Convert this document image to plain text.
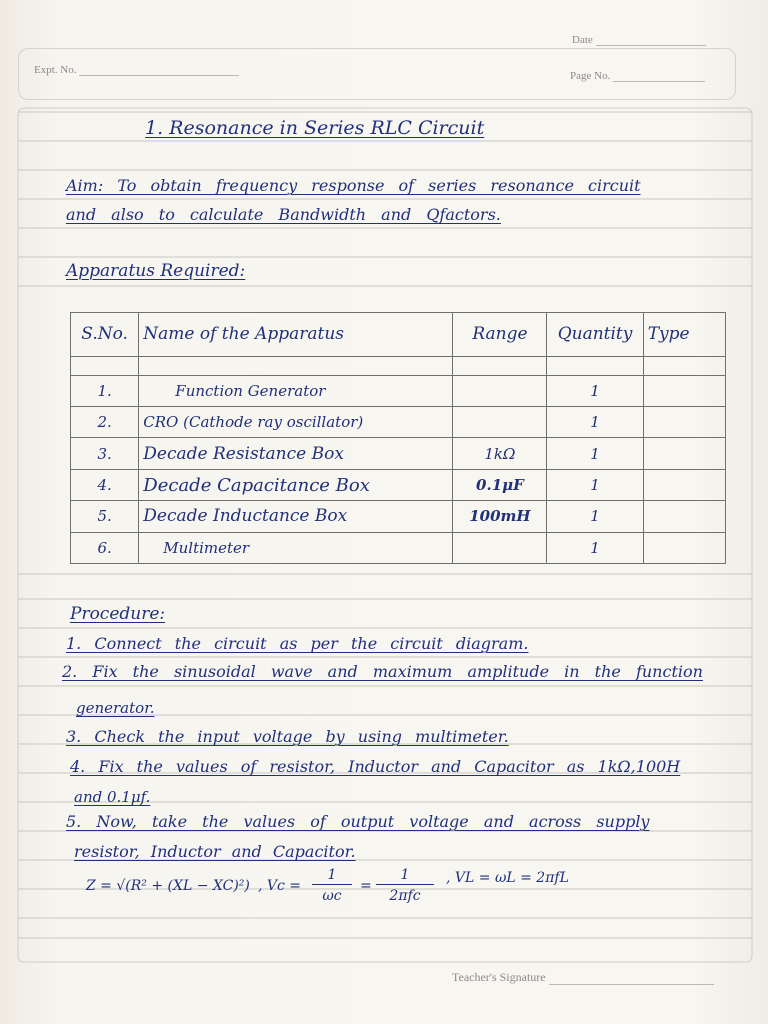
Date
Expt. No.	Page No.
1. Resonance in Series RLC Circuit
Aim: To obtain frequency response of series resonance circuit
and also to calculate Bandwidth and Qfactors.
Apparatus Required:
S.No.	Name of the Apparatus	Range	Quantity	Type

1.	Function Generator		1	
2.	CRO (Cathode ray oscillator)		1	
3.	Decade Resistance Box	1kΩ	1	
4.	Decade Capacitance Box	0.1μF	1	
5.	Decade Inductance Box	100mH	1	
6.	Multimeter		1	
Procedure:
1. Connect the circuit as per the circuit diagram.
2. Fix the sinusoidal wave and maximum amplitude in the function
generator.
3. Check the input voltage by using multimeter.
4. Fix the values of resistor, Inductor and Capacitor as 1kΩ,100H
and 0.1μf.
5. Now, take the values of output voltage and across supply
resistor, Inductor and Capacitor.
Z = √(R² + (XL − XC)²) , $Vc = \frac{1}{\omega c}$ =
1
2πfc
, VL = ωL = 2πfL
Teacher's Signature
